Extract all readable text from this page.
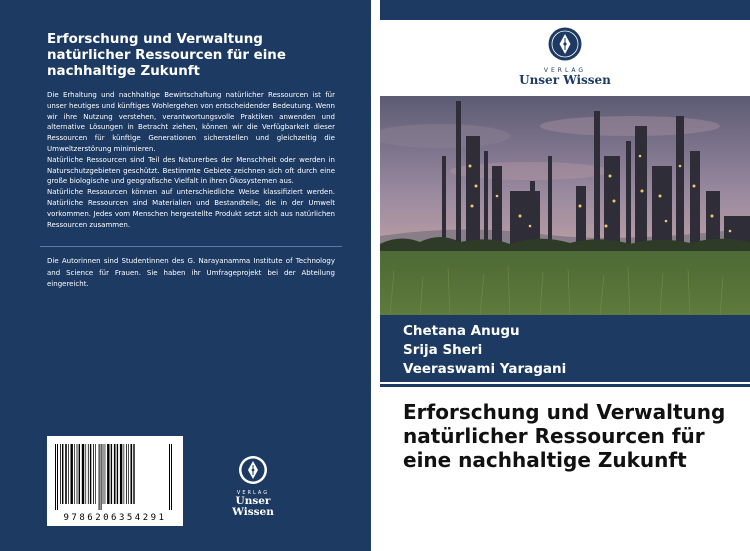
Erforschung und Verwaltung natürlicher Ressourcen für eine nachhaltige Zukunft

Die Erhaltung und nachhaltige Bewirtschaftung natürlicher Ressourcen ist für unser heutiges und künftiges Wohlergehen von entscheidender Bedeutung. Wenn wir ihre Nutzung verstehen, verantwortungsvolle Praktiken anwenden und alternative Lösungen in Betracht ziehen, können wir die Verfügbarkeit dieser Ressourcen für künftige Generationen sicherstellen und gleichzeitig die Umweltzerstörung minimieren.

Natürliche Ressourcen sind Teil des Naturerbes der Menschheit oder werden in Naturschutzgebieten geschützt. Bestimmte Gebiete zeichnen sich oft durch eine große biologische und geografische Vielfalt in ihren Ökosystemen aus.

Natürliche Ressourcen können auf unterschiedliche Weise klassifiziert werden. Natürliche Ressourcen sind Materialien und Bestandteile, die in der Umwelt vorkommen. Jedes vom Menschen hergestellte Produkt setzt sich aus natürlichen Ressourcen zusammen.

Die Autorinnen sind Studentinnen des G. Narayanamma Institute of Technology and Science für Frauen. Sie haben ihr Umfrageprojekt bei der Abteilung eingereicht.
9786206354291
VERLAG
Unser Wissen
VERLAG
Unser Wissen
Chetana Anugu
Srija Sheri
Veeraswami Yaragani
Erforschung und Verwaltung natürlicher Ressourcen für eine nachhaltige Zukunft
